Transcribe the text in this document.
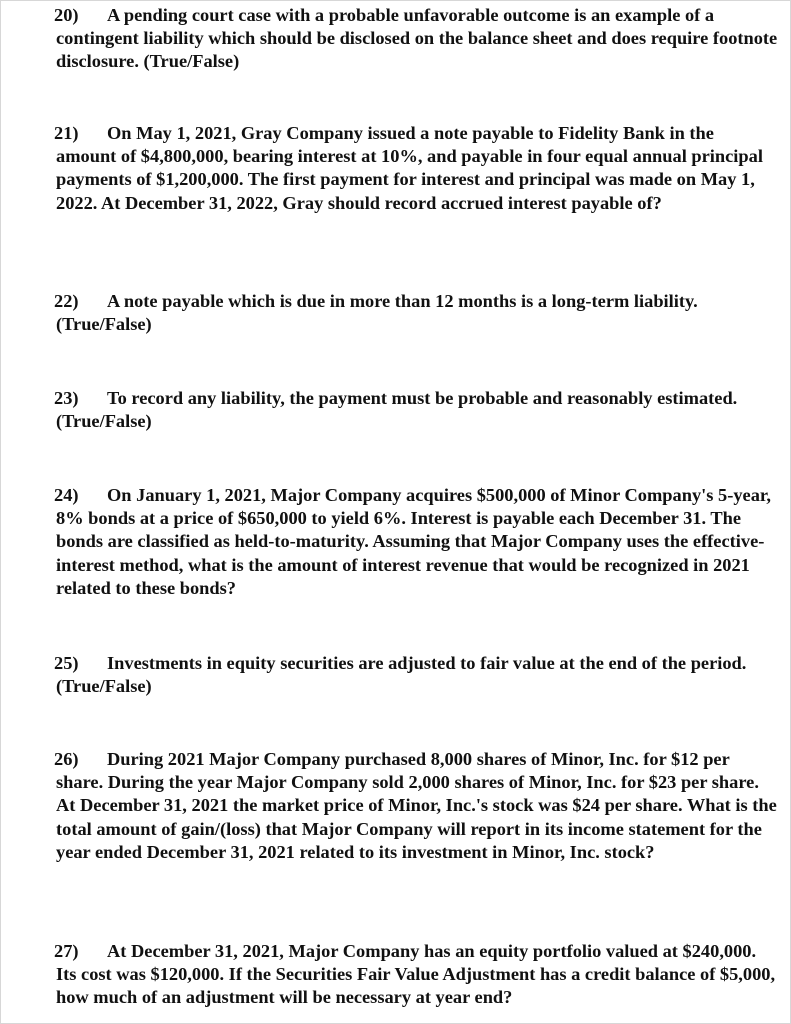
20)	A pending court case with a probable unfavorable outcome is an example of a contingent liability which should be disclosed on the balance sheet and does require footnote disclosure. (True/False)

21)	On May 1, 2021, Gray Company issued a note payable to Fidelity Bank in the amount of $4,800,000, bearing interest at 10%, and payable in four equal annual principal payments of $1,200,000. The first payment for interest and principal was made on May 1, 2022. At December 31, 2022, Gray should record accrued interest payable of?

22)	A note payable which is due in more than 12 months is a long-term liability. (True/False)

23)	To record any liability, the payment must be probable and reasonably estimated. (True/False)

24)	On January 1, 2021, Major Company acquires $500,000 of Minor Company's 5-year, 8% bonds at a price of $650,000 to yield 6%. Interest is payable each December 31. The bonds are classified as held-to-maturity. Assuming that Major Company uses the effective-interest method, what is the amount of interest revenue that would be recognized in 2021 related to these bonds?

25)	Investments in equity securities are adjusted to fair value at the end of the period. (True/False)

26)	During 2021 Major Company purchased 8,000 shares of Minor, Inc. for $12 per share. During the year Major Company sold 2,000 shares of Minor, Inc. for $23 per share. At December 31, 2021 the market price of Minor, Inc.'s stock was $24 per share. What is the total amount of gain/(loss) that Major Company will report in its income statement for the year ended December 31, 2021 related to its investment in Minor, Inc. stock?

27)	At December 31, 2021, Major Company has an equity portfolio valued at $240,000. Its cost was $120,000. If the Securities Fair Value Adjustment has a credit balance of $5,000, how much of an adjustment will be necessary at year end?
